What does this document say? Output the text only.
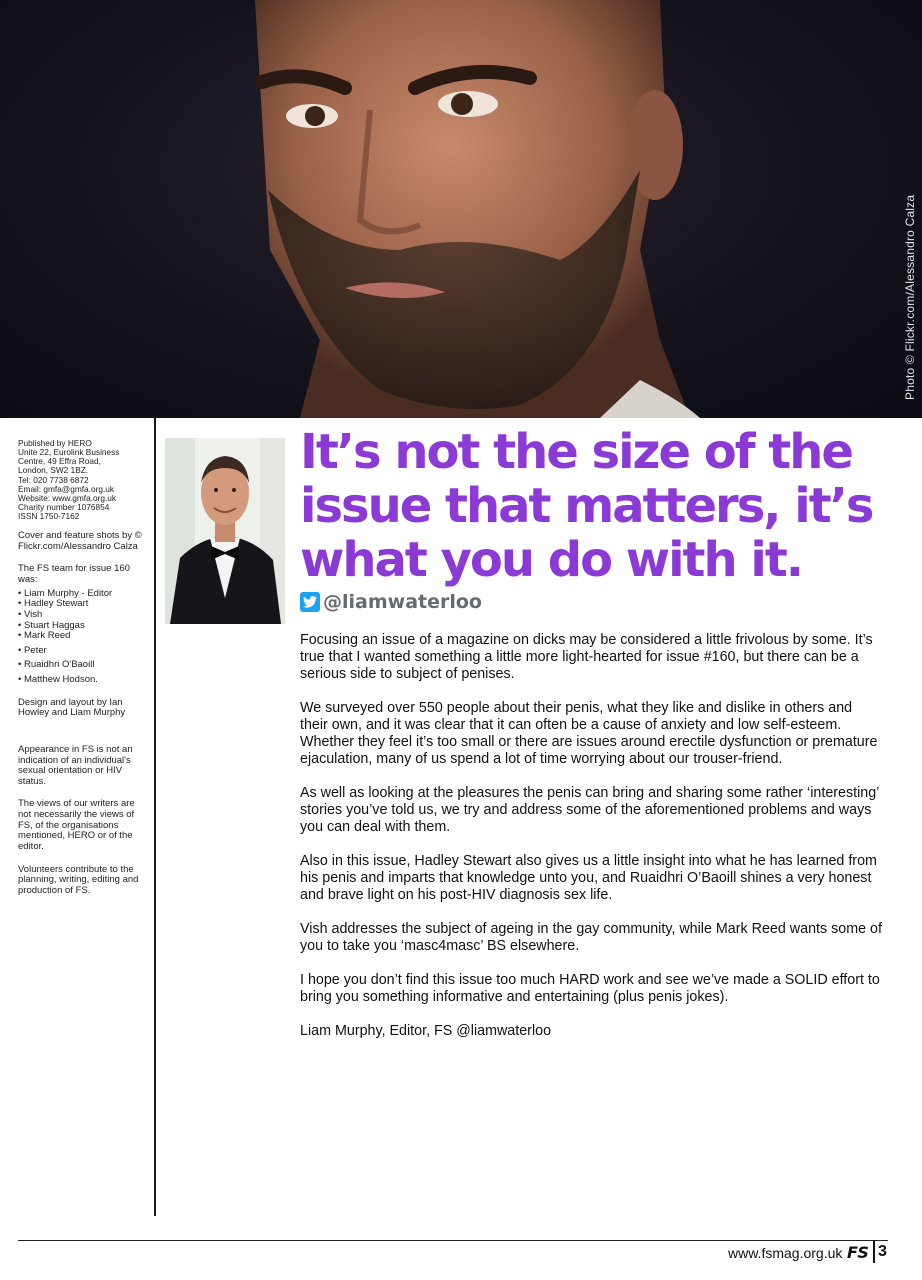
Photo © Flickr.com/Alessandro Calza
Published by HERO
Unite 22, Eurolink Business
Centre, 49 Effra Road,
London, SW2 1BZ.
Tel: 020 7738 6872
Email: gmfa@gmfa.org.uk
Website: www.gmfa.org.uk
Charity number 1076854
ISSN 1750-7162

Cover and feature shots by © Flickr.com/Alessandro Calza

The FS team for issue 160 was:
• Liam Murphy - Editor
• Hadley Stewart
• Vish
• Stuart Haggas
• Mark Reed
• Peter
• Ruaidhri O'Baoill
• Matthew Hodson.

Design and layout by Ian Howley and Liam Murphy

Appearance in FS is not an indication of an individual's sexual orientation or HIV status.

The views of our writers are not necessarily the views of FS, of the organisations mentioned, HERO or of the editor.

Volunteers contribute to the planning, writing, editing and production of FS.

It’s not the size of the issue that matters, it’s what you do with it.
@liamwaterloo

Focusing an issue of a magazine on dicks may be considered a little frivolous by some. It’s true that I wanted something a little more light-hearted for issue #160, but there can be a serious side to subject of penises.

We surveyed over 550 people about their penis, what they like and dislike in others and their own, and it was clear that it can often be a cause of anxiety and low self-esteem. Whether they feel it’s too small or there are issues around erectile dysfunction or premature ejaculation, many of us spend a lot of time worrying about our trouser-friend.

As well as looking at the pleasures the penis can bring and sharing some rather ‘interesting’ stories you’ve told us, we try and address some of the aforementioned problems and ways you can deal with them.

Also in this issue, Hadley Stewart also gives us a little insight into what he has learned from his penis and imparts that knowledge unto you, and Ruaidhri O’Baoill shines a very honest and brave light on his post-HIV diagnosis sex life.

Vish addresses the subject of ageing in the gay community, while Mark Reed wants some of you to take you ‘masc4masc’ BS elsewhere.

I hope you don’t find this issue too much HARD work and see we’ve made a SOLID effort to bring you something informative and entertaining (plus penis jokes).

Liam Murphy, Editor, FS @liamwaterloo

www.fsmag.org.uk FS 3
